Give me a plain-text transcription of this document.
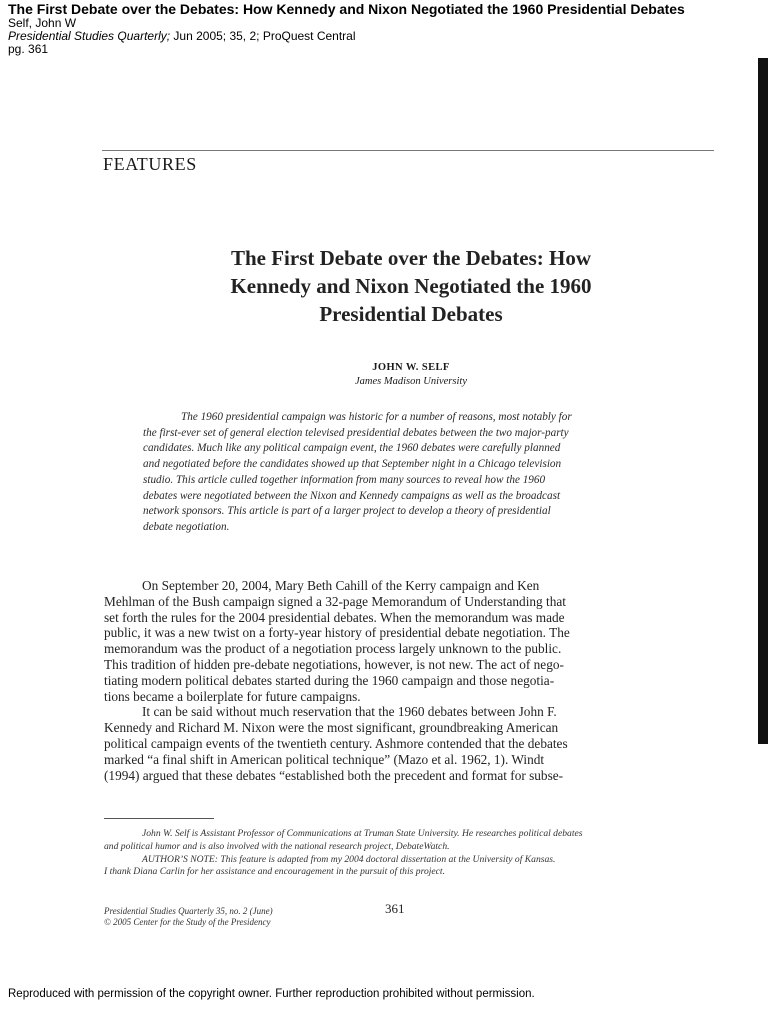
The First Debate over the Debates: How Kennedy and Nixon Negotiated the 1960 Presidential Debates
Self, John W
Presidential Studies Quarterly; Jun 2005; 35, 2; ProQuest Central
pg. 361
FEATURES
The First Debate over the Debates: How
Kennedy and Nixon Negotiated the 1960
Presidential Debates
JOHN W. SELF
James Madison University
The 1960 presidential campaign was historic for a number of reasons, most notably for
the first-ever set of general election televised presidential debates between the two major-party
candidates. Much like any political campaign event, the 1960 debates were carefully planned
and negotiated before the candidates showed up that September night in a Chicago television
studio. This article culled together information from many sources to reveal how the 1960
debates were negotiated between the Nixon and Kennedy campaigns as well as the broadcast
network sponsors. This article is part of a larger project to develop a theory of presidential
debate negotiation.
On September 20, 2004, Mary Beth Cahill of the Kerry campaign and Ken
Mehlman of the Bush campaign signed a 32-page Memorandum of Understanding that
set forth the rules for the 2004 presidential debates. When the memorandum was made
public, it was a new twist on a forty-year history of presidential debate negotiation. The
memorandum was the product of a negotiation process largely unknown to the public.
This tradition of hidden pre-debate negotiations, however, is not new. The act of nego-
tiating modern political debates started during the 1960 campaign and those negotia-
tions became a boilerplate for future campaigns.
It can be said without much reservation that the 1960 debates between John F.
Kennedy and Richard M. Nixon were the most significant, groundbreaking American
political campaign events of the twentieth century. Ashmore contended that the debates
marked “a final shift in American political technique” (Mazo et al. 1962, 1). Windt
(1994) argued that these debates “established both the precedent and format for subse-
John W. Self is Assistant Professor of Communications at Truman State University. He researches political debates
and political humor and is also involved with the national research project, DebateWatch.
AUTHOR’S NOTE: This feature is adapted from my 2004 doctoral dissertation at the University of Kansas.
I thank Diana Carlin for her assistance and encouragement in the pursuit of this project.
Presidential Studies Quarterly 35, no. 2 (June)
© 2005 Center for the Study of the Presidency
361
Reproduced with permission of the copyright owner. Further reproduction prohibited without permission.
